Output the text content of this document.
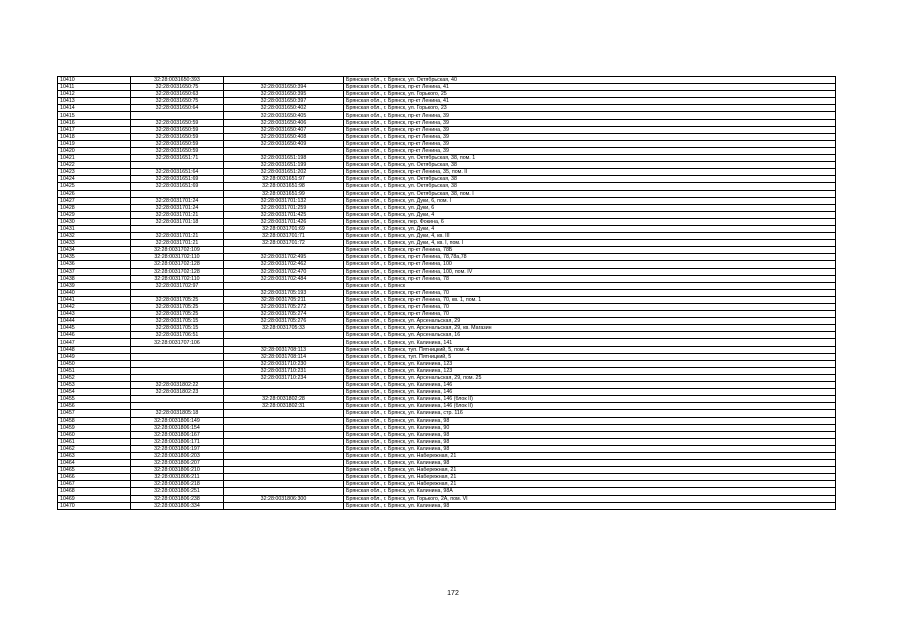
10410	32:28:0031650:393		Брянская обл., г. Брянск, ул. Октябрьская, 40
10411	32:28:0031650:75	32:28:0031650:394	Брянская обл., г. Брянск, пр-кт Ленина, 41
10412	32:28:0031650:63	32:28:0031650:395	Брянская обл., г. Брянск, ул. Горького, 25
10413	32:28:0031650:75	32:28:0031650:397	Брянская обл., г. Брянск, пр-кт Ленина, 41
10414	32:28:0031650:64	32:28:0031650:402	Брянская обл., г. Брянск, ул. Горького, 23
10415		32:28:0031650:405	Брянская обл., г. Брянск, пр-кт Ленина, 39
10416	32:28:0031650:59	32:28:0031650:406	Брянская обл., г. Брянск, пр-кт Ленина, 39
10417	32:28:0031650:59	32:28:0031650:407	Брянская обл., г. Брянск, пр-кт Ленина, 39
10418	32:28:0031650:59	32:28:0031650:408	Брянская обл., г. Брянск, пр-кт Ленина, 39
10419	32:28:0031650:59	32:28:0031650:409	Брянская обл., г. Брянск, пр-кт Ленина, 39
10420	32:28:0031650:59		Брянская обл., г. Брянск, пр-кт Ленина, 39
10421	32:28:0031651:71	32:28:0031651:198	Брянская обл., г. Брянск, ул. Октябрьская, 38, пом. 1
10422		32:28:0031651:199	Брянская обл., г. Брянск, ул. Октябрьская, 38
10423	32:28:0031651:64	32:28:0031651:202	Брянская обл., г. Брянск, пр-кт Ленина, 35, пом. II
10424	32:28:0031651:69	32:28:0031651:97	Брянская обл., г. Брянск, ул. Октябрьская, 38
10425	32:28:0031651:69	32:28:0031651:98	Брянская обл., г. Брянск, ул. Октябрьская, 38
10426		32:28:0031651:99	Брянская обл., г. Брянск, ул. Октябрьская, 38, пом. I
10427	32:28:0031701:24	32:28:0031701:132	Брянская обл., г. Брянск, ул. Дуки, 6, пом. I
10428	32:28:0031701:24	32:28:0031701:259	Брянская обл., г. Брянск, ул. Дуки, 6
10429	32:28:0031701:21	32:28:0031701:425	Брянская обл., г. Брянск, ул. Дуки, 4
10430	32:28:0031701:18	32:28:0031701:426	Брянская обл., г. Брянск, пер. Фокина, 6
10431		32:28:0031701:69	Брянская обл., г. Брянск, ул. Дуки, 4
10432	32:28:0031701:21	32:28:0031701:71	Брянская обл., г. Брянск, ул. Дуки, 4, кв. III
10433	32:28:0031701:21	32:28:0031701:72	Брянская обл., г. Брянск, ул. Дуки, 4, кв. I, пом. I
10434	32:28:0031702:109		Брянская обл., г. Брянск, пр-кт Ленина, 78Б
10435	32:28:0031702:110	32:28:0031702:495	Брянская обл., г. Брянск, пр-кт Ленина, 78,78а,78
10436	32:28:0031702:128	32:28:0031702:462	Брянская обл., г. Брянск, пр-кт Ленина, 100
10437	32:28:0031702:128	32:28:0031702:470	Брянская обл., г. Брянск, пр-кт Ленина, 100, пом. IV
10438	32:28:0031702:110	32:28:0031702:484	Брянская обл., г. Брянск, пр-кт Ленина, 78
10439	32:28:0031702:97		Брянская обл., г. Брянск
10440		32:28:0031705:193	Брянская обл., г. Брянск, пр-кт Ленина, 70
10441	32:28:0031705:25	32:28:0031705:211	Брянская обл., г. Брянск, пр-кт Ленина, 70, кв. 1, пом. 1
10442	32:28:0031705:25	32:28:0031705:272	Брянская обл., г. Брянск, пр-кт Ленина, 70
10443	32:28:0031705:25	32:28:0031705:274	Брянская обл., г. Брянск, пр-кт Ленина, 70
10444	32:28:0031705:15	32:28:0031705:276	Брянская обл., г. Брянск, ул. Арсенальская, 29
10445	32:28:0031705:15	32:28:0031705:33	Брянская обл., г. Брянск, ул. Арсенальская, 29, кв. Магазин
10446	32:28:0031706:51		Брянская обл., г. Брянск, ул. Арсенальская, 16
10447	32:28:0031707:106		Брянская обл., г. Брянск, ул. Калинина, 141
10448		32:28:0031708:113	Брянская обл., г. Брянск, туп. Пятницкий, 5, пом. 4
10449		32:28:0031708:114	Брянская обл., г. Брянск, туп. Пятницкий, 5
10450		32:28:0031710:230	Брянская обл., г. Брянск, ул. Калинина, 123
10451		32:28:0031710:231	Брянская обл., г. Брянск, ул. Калинина, 123
10452		32:28:0031710:234	Брянская обл., г. Брянск, ул. Арсенальская, 29, пом. 25
10453	32:28:0031802:22		Брянская обл., г. Брянск, ул. Калинина, 146
10454	32:28:0031802:23		Брянская обл., г. Брянск, ул. Калинина, 146
10455		32:28:0031802:28	Брянская обл., г. Брянск, ул. Калинина, 146 (блок II)
10456		32:28:0031802:31	Брянская обл., г. Брянск, ул. Калинина, 146 (блок II)
10457	32:28:0031805:18		Брянская обл., г. Брянск, ул. Калинина, стр. 116
10458	32:28:0031806:149		Брянская обл., г. Брянск, ул. Калинина, 98
10459	32:28:0031806:154		Брянская обл., г. Брянск, ул. Калинина, 90
10460	32:28:0031806:167		Брянская обл., г. Брянск, ул. Калинина, 98
10461	32:28:0031806:171		Брянская обл., г. Брянск, ул. Калинина, 98
10462	32:28:0031806:197		Брянская обл., г. Брянск, ул. Калинина, 98
10463	32:28:0031806:203		Брянская обл., г. Брянск, ул. Набережная, 21
10464	32:28:0031806:207		Брянская обл., г. Брянск, ул. Калинина, 98
10465	32:28:0031806:210		Брянская обл., г. Брянск, ул. Набережная, 21
10466	32:28:0031806:211		Брянская обл., г. Брянск, ул. Набережная, 21
10467	32:28:0031806:218		Брянская обл., г. Брянск, ул. Набережная, 21
10468	32:28:0031806:251		Брянская обл., г. Брянск, ул. Калинина, 98А
10469	32:28:0031806:238	32:28:0031806:300	Брянская обл., г. Брянск, ул. Горького, 2А, пом. VI
10470	32:28:0031806:334		Брянская обл., г. Брянск, ул. Калинина, 98
172
